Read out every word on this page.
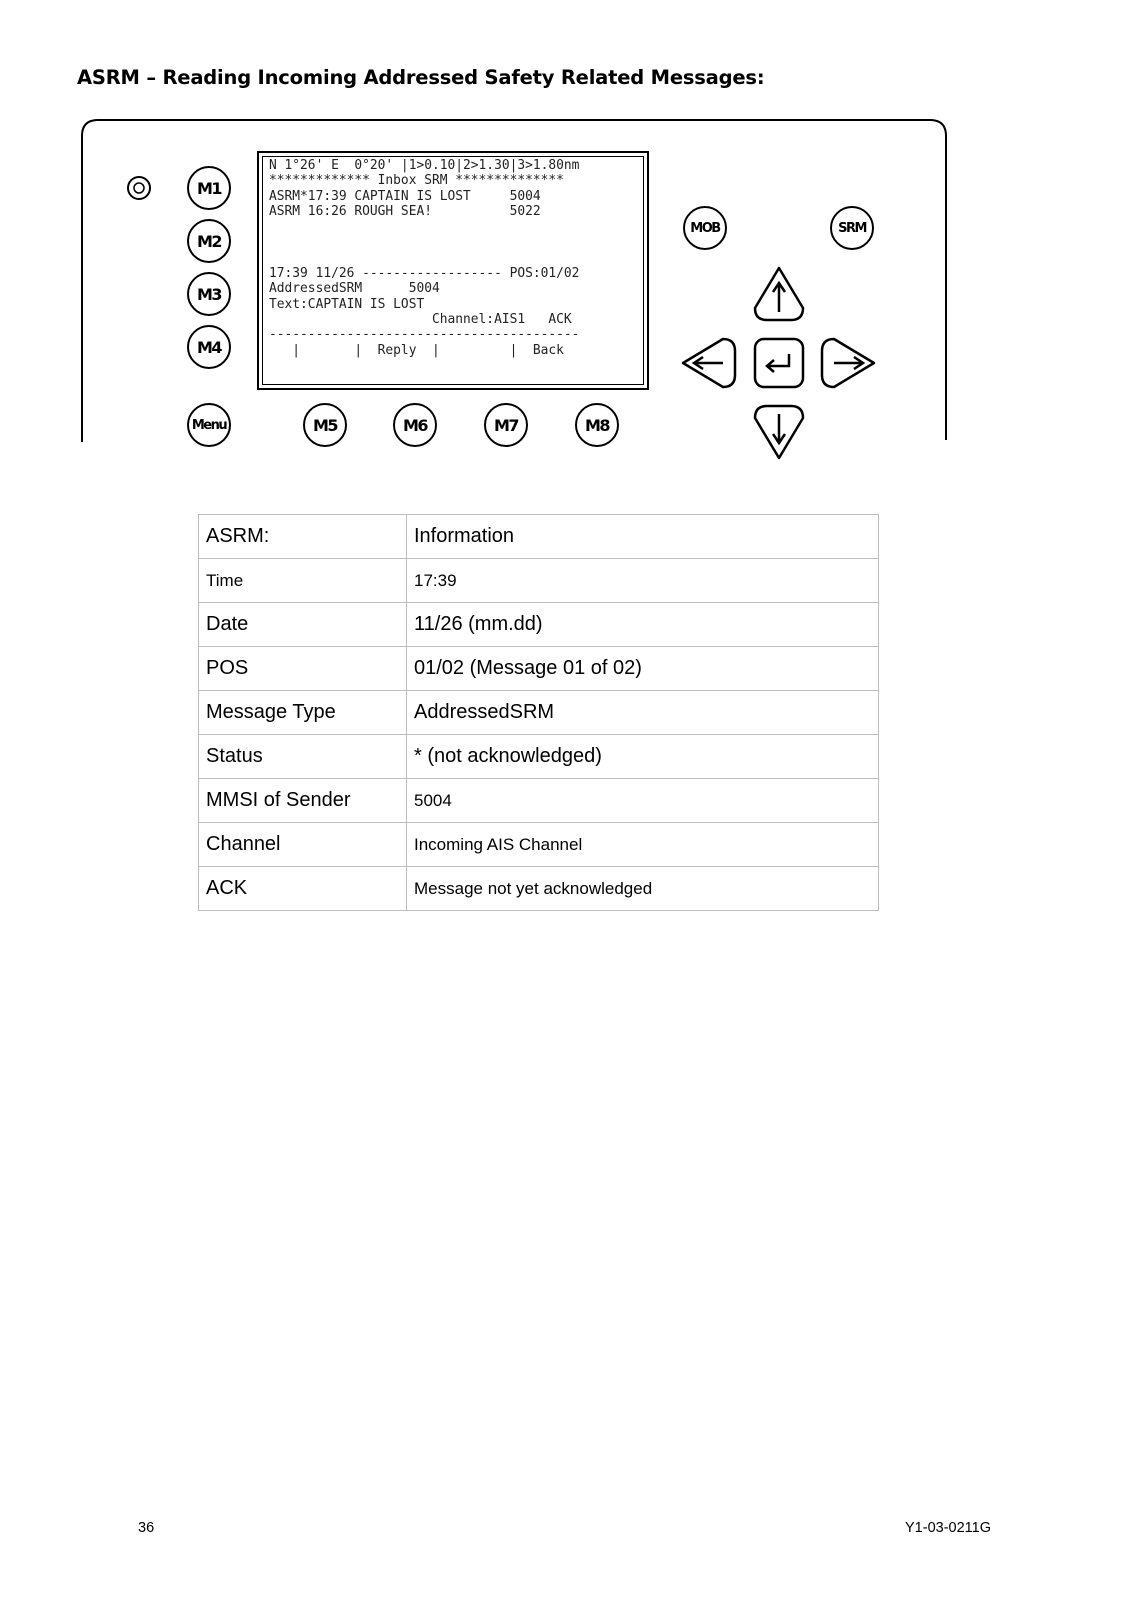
ASRM – Reading Incoming Addressed Safety Related Messages:
N 1°26' E  0°20' |1>0.10|2>1.30|3>1.80nm
************* Inbox SRM **************
ASRM*17:39 CAPTAIN IS LOST     5004
ASRM 16:26 ROUGH SEA!          5022

17:39 11/26 ------------------ POS:01/02
AddressedSRM      5004
Text:CAPTAIN IS LOST
Channel:AIS1   ACK
----------------------------------------
|       |  Reply  |         |  Back
M1
M2
M3
M4
Menu	M5	M6	M7	M8
MOB	SRM
ASRM:	Information
Time	17:39
Date	11/26 (mm.dd)
POS	01/02 (Message 01 of 02)
Message Type	AddressedSRM
Status	* (not acknowledged)
MMSI of Sender	5004
Channel	Incoming AIS Channel
ACK	Message not yet acknowledged
36	Y1-03-0211G
